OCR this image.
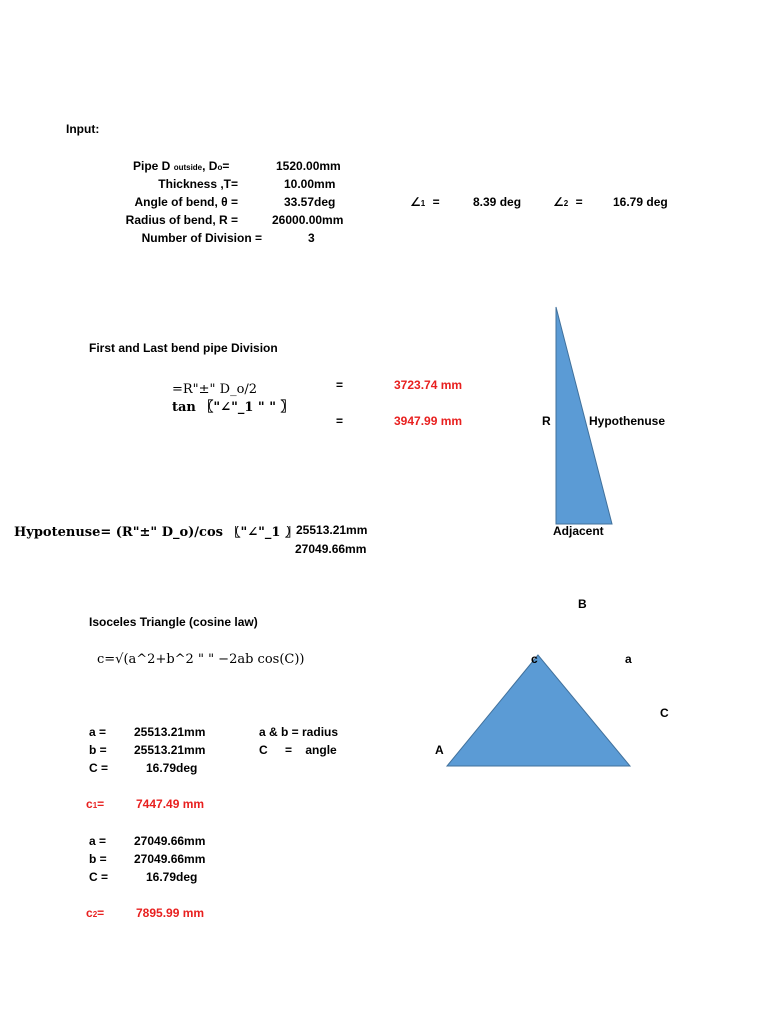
Input:
Pipe D outside, Do=	1520.00mm
Thickness ,T=	10.00mm
Angle of bend, θ =	33.57deg
Radius of bend, R =	26000.00mm
Number of Division =	3
∠1 =	8.39 deg	∠2 =	16.79 deg
First and Last bend pipe Division
=R"±" D_o/2
tan 〖"∠"_1 " " 〗
=	3723.74 mm
=	3947.99 mm
Hypotenuse= (R"±" D_o)/cos 〖"∠"_1 〗
25513.21mm
27049.66mm
R	Hypothenuse
Adjacent
B
Isoceles Triangle (cosine law)
c=√(a^2+b^2 " " −2ab cos(C))	c	a
C
A
a = 25513.21mm
b = 25513.21mm
C =	16.79deg
a & b = radius
C = angle
c1=	7447.49 mm
a = 27049.66mm
b = 27049.66mm
C =	16.79deg
c2=	7895.99 mm
